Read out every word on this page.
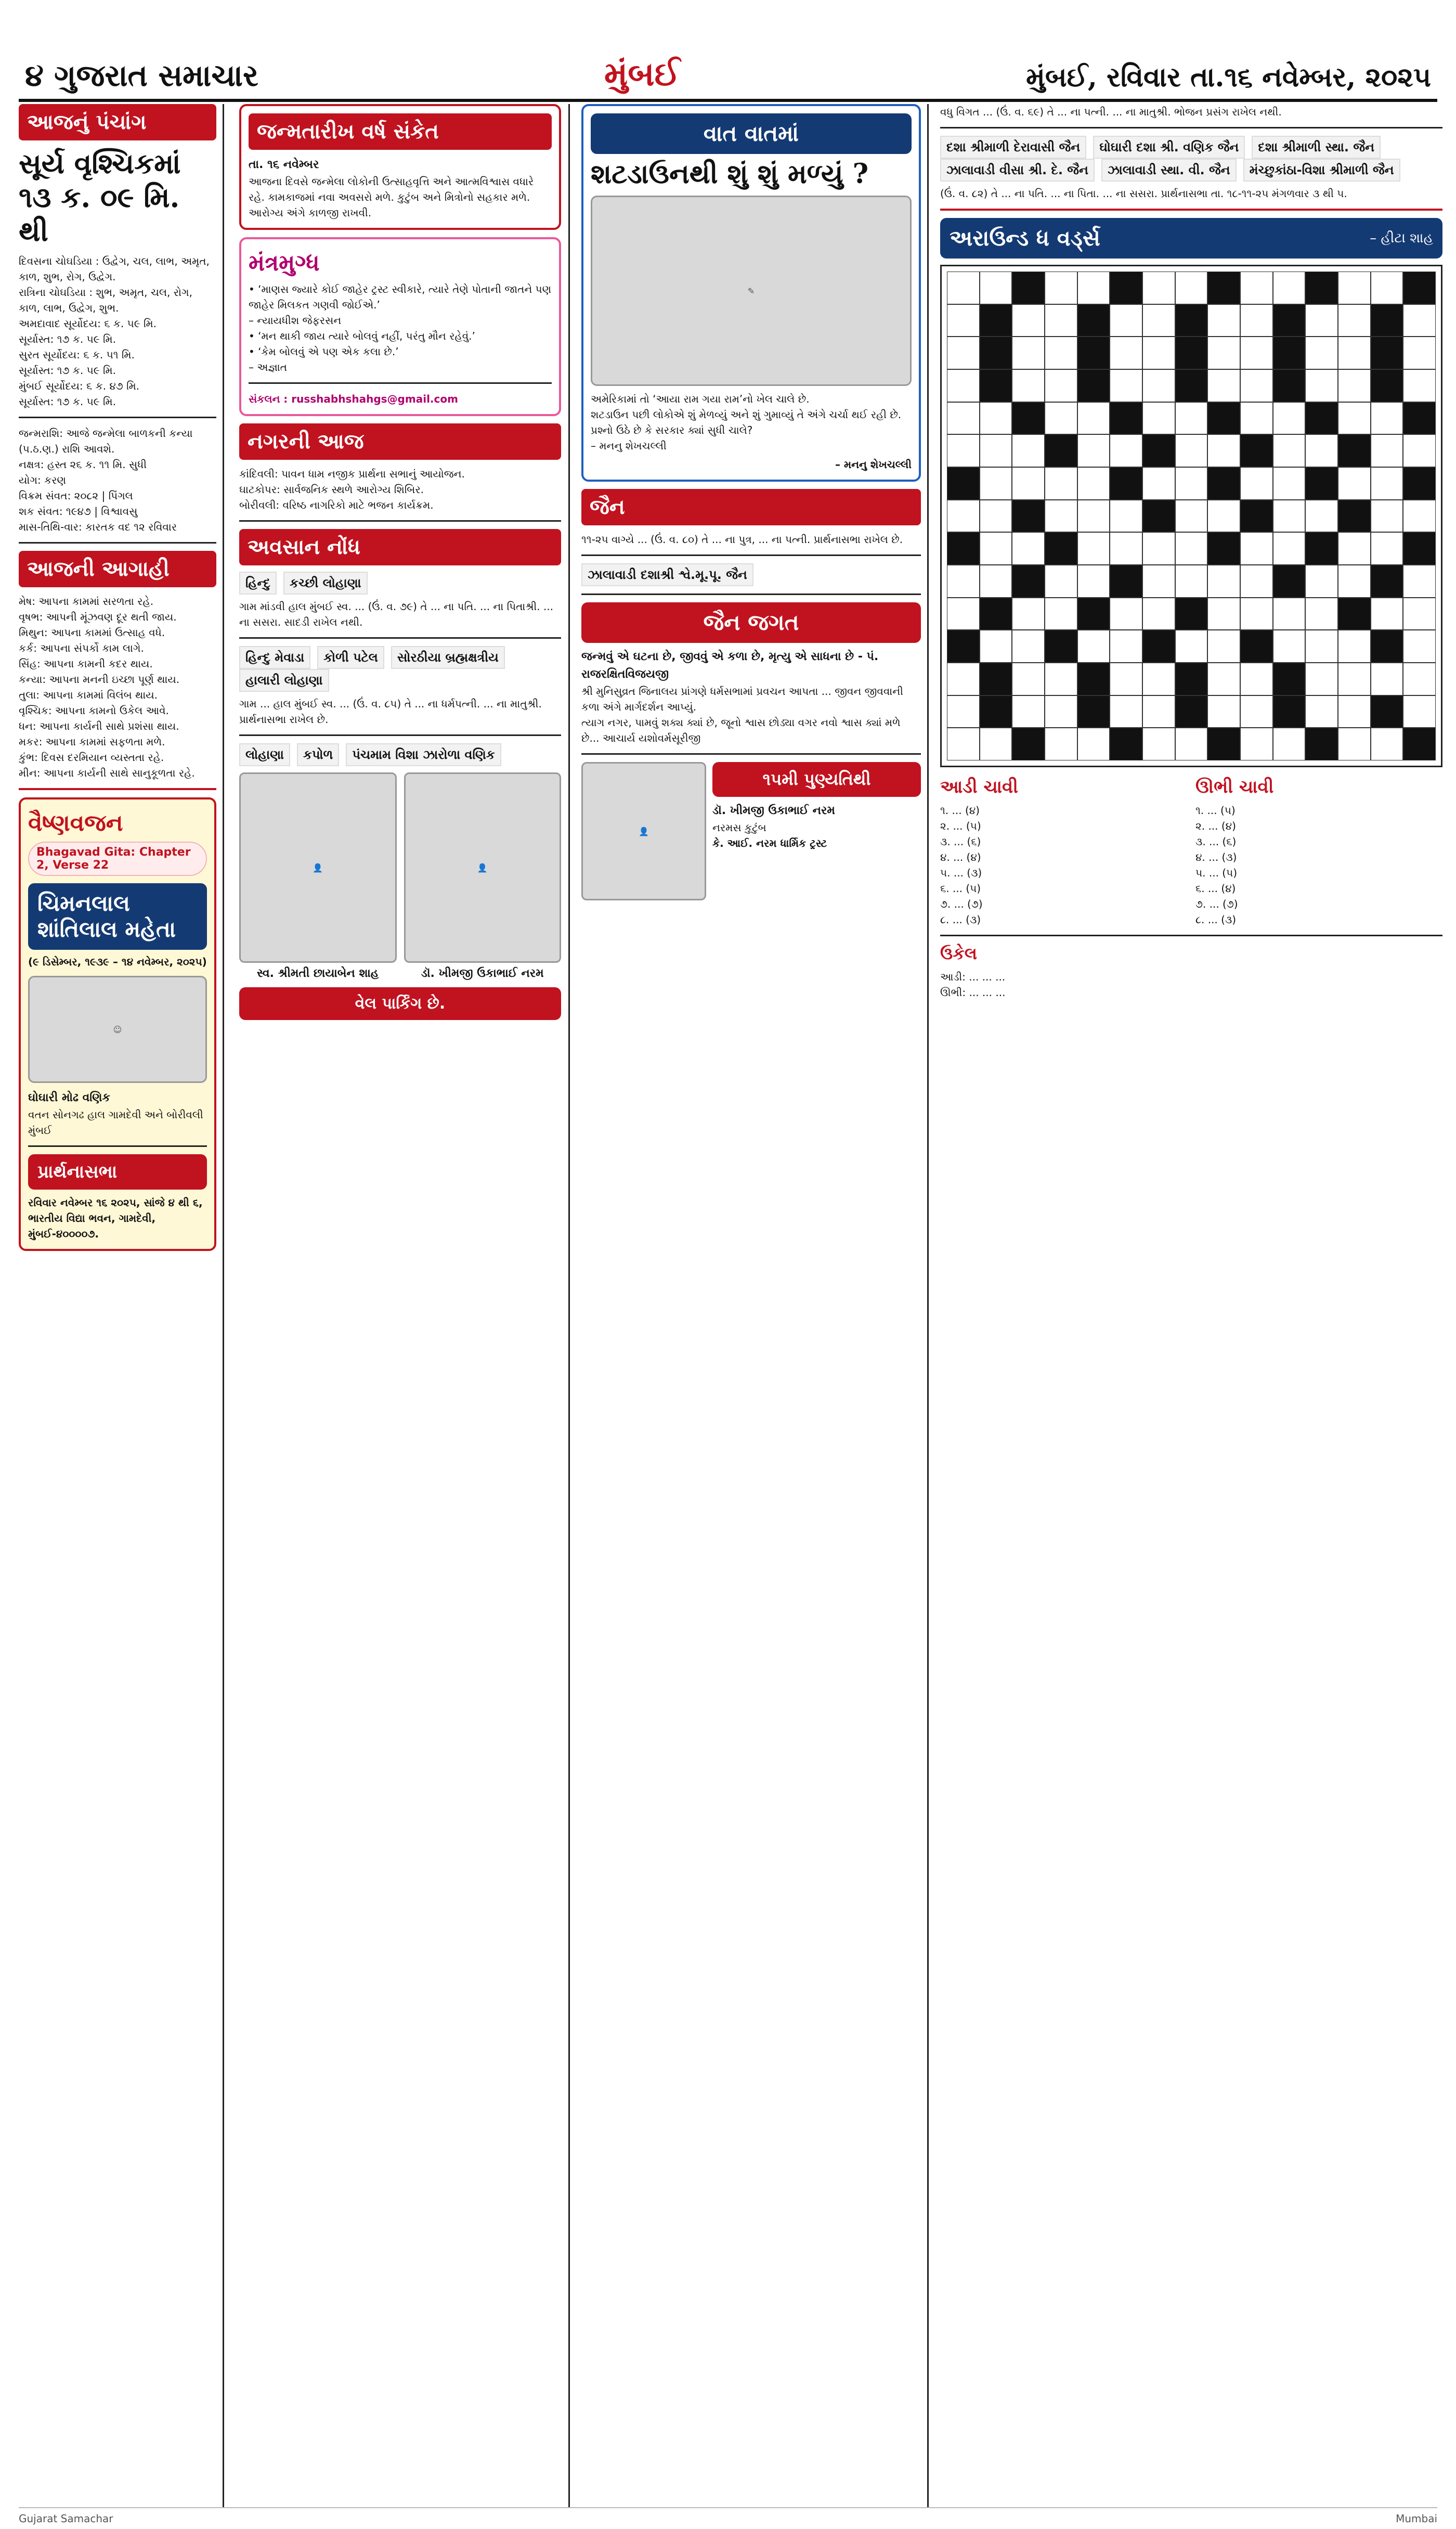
૪ ગુજરાત સમાચાર	મુંબઈ	મુંબઈ, રવિવાર તા.૧૬ નવેમ્બર, ૨૦૨૫
આજનું પંચાંગ
સૂર્ય વૃશ્ચિકમાં ૧૩ ક. ૦૯ મિ. થી
દિવસના ચોઘડિયા : ઉદ્વેગ, ચલ, લાભ, અમૃત, કાળ, શુભ, રોગ, ઉદ્વેગ.
રાત્રિના ચોઘડિયા : શુભ, અમૃત, ચલ, રોગ, કાળ, લાભ, ઉદ્વેગ, શુભ.
અમદાવાદ સૂર્યોદય: ૬ ક. ૫૯ મિ.
સૂર્યાસ્ત: ૧૭ ક. ૫૯ મિ.
સુરત સૂર્યોદય: ૬ ક. ૫૧ મિ.
સૂર્યાસ્ત: ૧૭ ક. ૫૯ મિ.
મુંબઈ સૂર્યોદય: ૬ ક. ૪૭ મિ.
સૂર્યાસ્ત: ૧૭ ક. ૫૯ મિ.
જન્મરાશિ: આજે જન્મેલા બાળકની કન્યા (પ.ઠ.ણ.) રાશિ આવશે.
નક્ષત્ર: હસ્ત ૨૬ ક. ૧૧ મિ. સુધી
યોગ: કરણ
વિક્રમ સંવત: ૨૦૮૨ | પિંગલ
શક સંવત: ૧૯૪૭ | વિશ્વાવસુ
માસ-તિથિ-વાર: કારતક વદ ૧૨ રવિવાર
આજની આગાહી
મેષ: આપના કામમાં સરળતા રહે.
વૃષભ: આપની મૂંઝવણ દૂર થતી જાય.
મિથુન: આપના કામમાં ઉત્સાહ વધે.
કર્ક: આપના સંપર્કો કામ લાગે.
સિંહ: આપના કામની કદર થાય.
કન્યા: આપના મનની ઇચ્છા પૂર્ણ થાય.
તુલા: આપના કામમાં વિલંબ થાય.
વૃશ્ચિક: આપના કામનો ઉકેલ આવે.
ધન: આપના કાર્યની સાથે પ્રશંસા થાય.
મકર: આપના કામમાં સફળતા મળે.
કુંભ: દિવસ દરમિયાન વ્યસ્તતા રહે.
મીન: આપના કાર્યની સાથે સાનુકૂળતા રહે.
વૈષ્ણવજન
Bhagavad Gita: Chapter 2, Verse 22
ચિમનલાલ શાંતિલાલ મહેતા
(૯ ડિસેમ્બર, ૧૯૩૯ – ૧૪ નવેમ્બર, ૨૦૨૫)
☺
ઘોઘારી મોઢ વણિક
વતન સોનગઢ હાલ ગામદેવી અને બોરીવલી મુંબઈ
પ્રાર્થનાસભા
રવિવાર નવેમ્બર ૧૬ ૨૦૨૫, સાંજે ૪ થી ૬,
ભારતીય વિદ્યા ભવન, ગામદેવી, મુંબઈ-૪૦૦૦૦૭.
જન્મતારીખ વર્ષ સંકેત
તા. ૧૬ નવેમ્બર
આજના દિવસે જન્મેલા લોકોની ઉત્સાહવૃત્તિ અને આત્મવિશ્વાસ વધારે રહે. કામકાજમાં નવા અવસરો મળે. કુટુંબ અને મિત્રોનો સહકાર મળે. આરોગ્ય અંગે કાળજી રાખવી.
મંત્રમુગ્ધ
• ‘માણસ જ્યારે કોઈ જાહેર ટ્રસ્ટ સ્વીકારે, ત્યારે તેણે પોતાની જાતને પણ જાહેર મિલકત ગણવી જોઈએ.’
– ન્યાયધીશ જેફરસન
• ‘મન થાકી જાય ત્યારે બોલવું નહીં, પરંતુ મૌન રહેવું.’
• ‘કેમ બોલવું એ પણ એક કલા છે.’
– અજ્ઞાત
સંકલન : russhabhshahgs@gmail.com
નગરની આજ
કાંદિવલી: પાવન ધામ નજીક પ્રાર્થના સભાનું આયોજન.
ઘાટકોપર: સાર્વજનિક સ્થળે આરોગ્ય શિબિર.
બોરીવલી: વરિષ્ઠ નાગરિકો માટે ભજન કાર્યક્રમ.
અવસાન નોંધ
હિન્દુ કચ્છી લોહાણા
ગામ માંડવી હાલ મુંબઈ સ્વ. ... (ઉં. વ. ૭૯) તે ... ના પતિ. ... ના પિતાશ્રી. ... ના સસરા. સાદડી રાખેલ નથી.
હિન્દુ મેવાડા કોળી પટેલ સોરઠીયા બ્રહ્મક્ષત્રીય હાલારી લોહાણા
ગામ ... હાલ મુંબઈ સ્વ. ... (ઉં. વ. ૮૫) તે ... ના ધર્મપત્ની. ... ના માતુશ્રી. પ્રાર્થનાસભા રાખેલ છે.
લોહાણા કપોળ પંચમામ વિશા ઝારોળા વણિક
👤
સ્વ. શ્રીમતી છાયાબેન શાહ
👤
ડૉ. ખીમજી ઉકાભાઈ નરમ
વેલ પાર્કિંગ છે.
વાત વાતમાં
શટડાઉનથી શું શું મળ્યું ?
✎
અમેરિકામાં તો ‘આયા રામ ગયા રામ’નો ખેલ ચાલે છે.
શટડાઉન પછી લોકોએ શું મેળવ્યું અને શું ગુમાવ્યું તે અંગે ચર્ચા થઈ રહી છે.
પ્રશ્નો ઉઠે છે કે સરકાર ક્યાં સુધી ચાલે?
– મનનુ શેખચલ્લી
– મનનુ શેખચલ્લી
જૈન
૧૧-૨૫ વાગ્યે ... (ઉં. વ. ૮૦) તે ... ના પુત્ર, ... ના પત્ની. પ્રાર્થનાસભા રાખેલ છે.
ઝાલાવાડી દશાશ્રી શ્વે.મૂ.પૂ. જૈન
જૈન જગત
જન્મવું એ ઘટના છે, જીવવું એ કળા છે, મૃત્યુ એ સાધના છે - પં. રાજરક્ષિતવિજયજી
શ્રી મુનિસુવ્રત જિનાલય પ્રાંગણે ધર્મસભામાં પ્રવચન આપતા ... જીવન જીવવાની કળા અંગે માર્ગદર્શન આપ્યું.
ત્યાગ નગર, પામવું શક્ય ક્યાં છે, જૂનો શ્વાસ છોડ્યા વગર નવો શ્વાસ ક્યાં મળે છે... આચાર્ય યશોવર્મસૂરીજી
👤
૧૫મી પુણ્યતિથી
ડૉ. ખીમજી ઉકાભાઈ નરમ
નરમસ કુટુંબ
કે. આઈ. નરમ ધાર્મિક ટ્રસ્ટ
વધુ વિગત ... (ઉં. વ. ૬૯) તે ... ના પત્ની. ... ના માતુશ્રી. ભોજન પ્રસંગ રાખેલ નથી.
દશા શ્રીમાળી દેરાવાસી જૈન ઘોઘારી દશા શ્રી. વણિક જૈન દશા શ્રીમાળી સ્થા. જૈન ઝાલાવાડી વીસા શ્રી. દે. જૈન ઝાલાવાડી સ્થા. વી. જૈન મંચ્છુકાંઠા-વિશા શ્રીમાળી જૈન
(ઉં. વ. ૮૨) તે ... ના પતિ. ... ના પિતા. ... ના સસરા. પ્રાર્થનાસભા તા. ૧૮-૧૧-૨૫ મંગળવાર ૩ થી ૫.
અરાઉન્ડ ધ વર્ડ્સ	– હીટા શાહ
આડી ચાવી
૧. ... (૪)
૨. ... (૫)
૩. ... (૬)
૪. ... (૪)
૫. ... (૩)
૬. ... (૫)
૭. ... (૭)
૮. ... (૩)
ઊભી ચાવી
૧. ... (૫)
૨. ... (૪)
૩. ... (૬)
૪. ... (૩)
૫. ... (૫)
૬. ... (૪)
૭. ... (૭)
૮. ... (૩)
ઉકેલ
આડી: ... ... ...
ઊભી: ... ... ...
Gujarat Samachar	Mumbai
